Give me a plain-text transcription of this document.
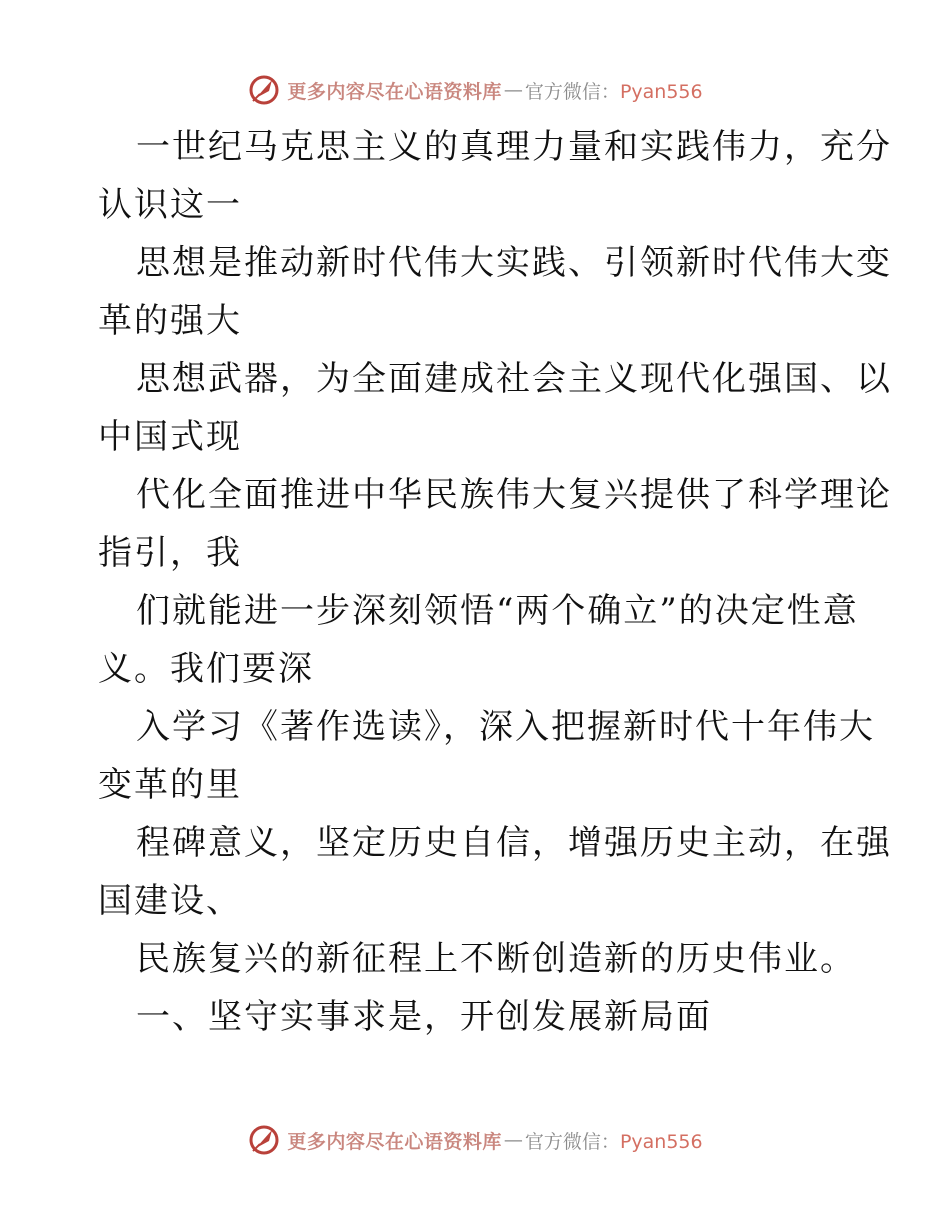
更多内容尽在心语资料库 — 官方微信：Pyan556
一世纪马克思主义的真理力量和实践伟力，充分
认识这一
思想是推动新时代伟大实践、引领新时代伟大变
革的强大
思想武器，为全面建成社会主义现代化强国、以
中国式现
代化全面推进中华民族伟大复兴提供了科学理论
指引，我
们就能进一步深刻领悟“两个确立”的决定性意
义。我们要深
入学习《著作选读》，深入把握新时代十年伟大
变革的里
程碑意义，坚定历史自信，增强历史主动，在强
国建设、
民族复兴的新征程上不断创造新的历史伟业。
一、坚守实事求是，开创发展新局面
更多内容尽在心语资料库 — 官方微信：Pyan556
